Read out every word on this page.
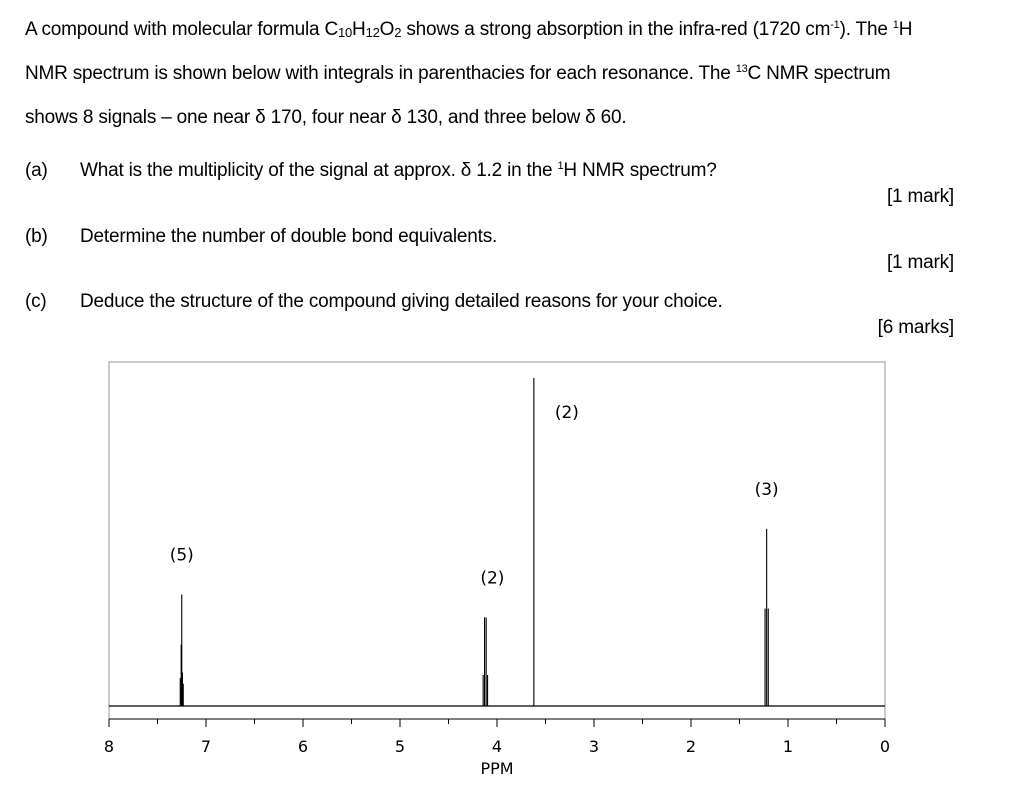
A compound with molecular formula $C_{10}H_{12}O_2$ shows a strong absorption in the infra-red (1720 $cm^{-1}$). The $^1$H
NMR spectrum is shown below with integrals in parenthacies for each resonance. The $^{13}$C NMR spectrum
shows 8 signals – one near δ 170, four near δ 130, and three below δ 60.
(a) What is the multiplicity of the signal at approx. δ 1.2 in the $^1$H NMR spectrum?
[1 mark]
(b) Determine the number of double bond equivalents.
[1 mark]
(c) Deduce the structure of the compound giving detailed reasons for your choice.
[6 marks]
8	7	6	5	4	3	2	1	0
PPM
(5)
(2)
(2)
(3)
